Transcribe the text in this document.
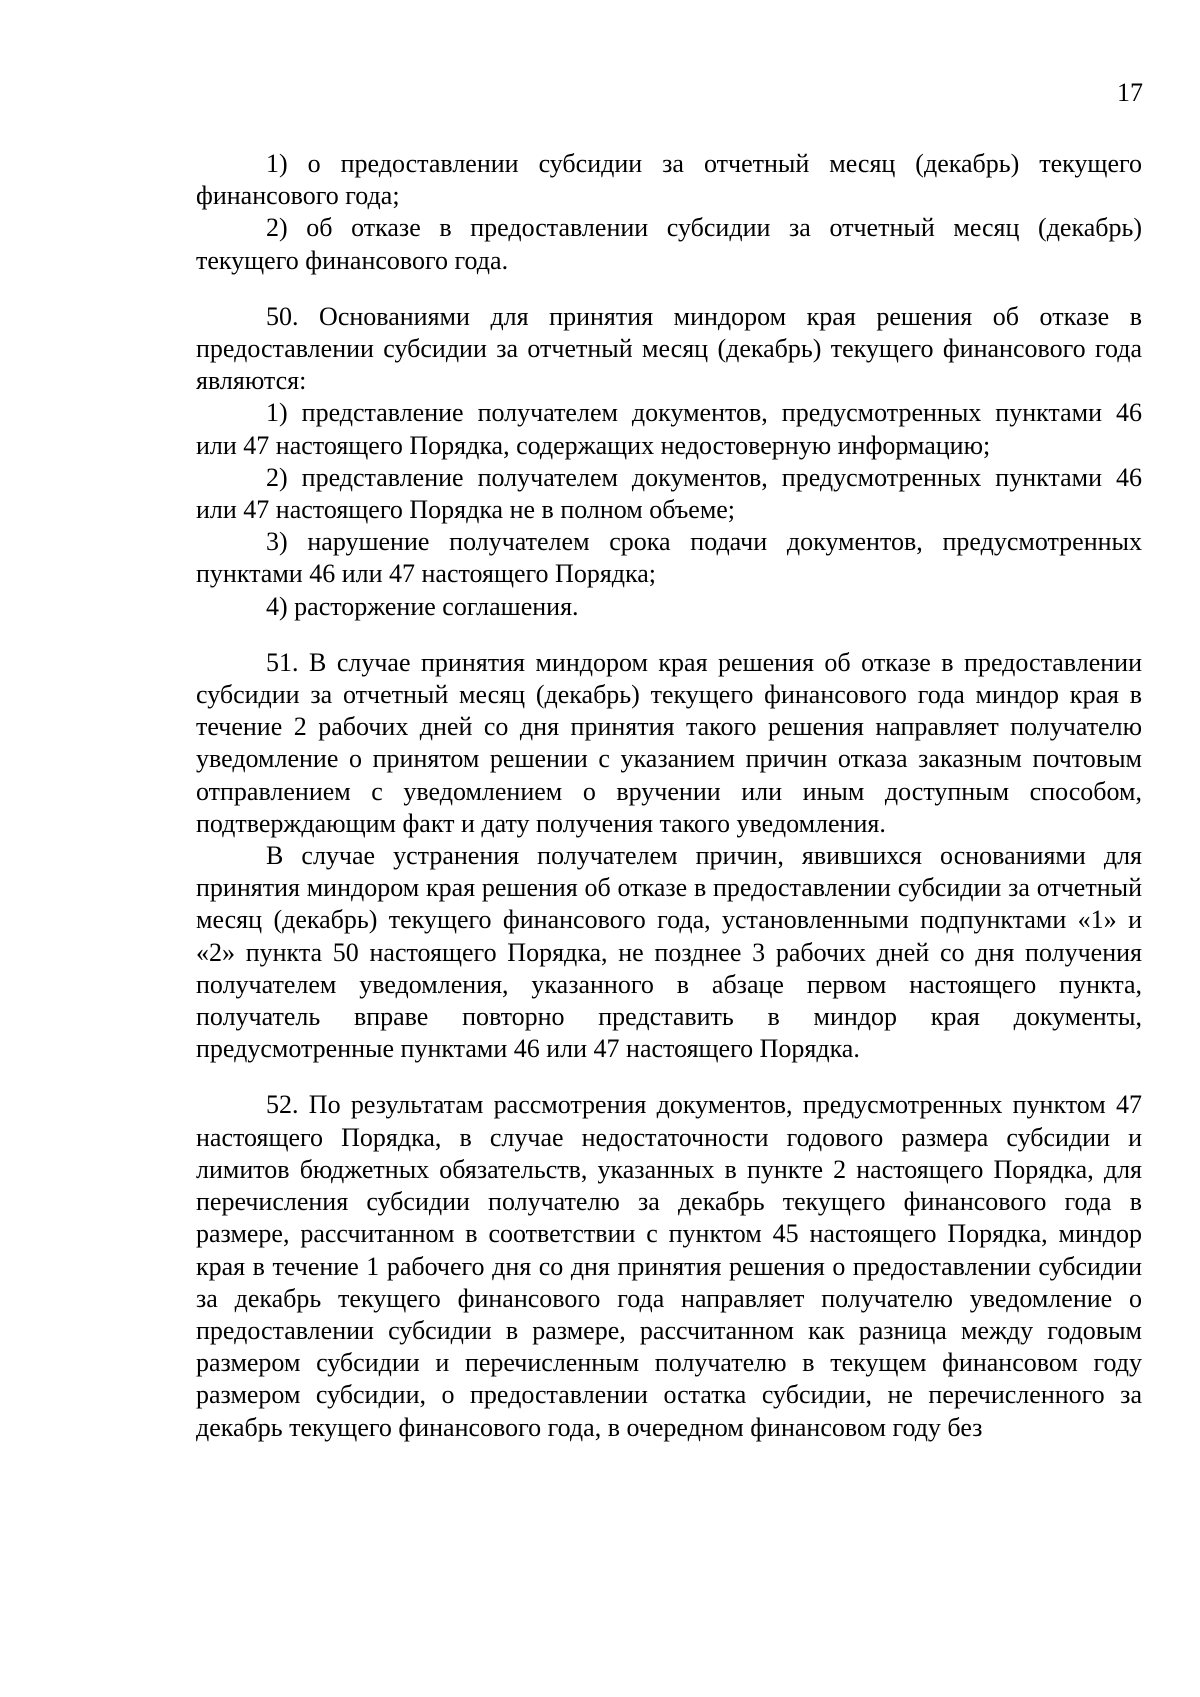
17

1) о предоставлении субсидии за отчетный месяц (декабрь) текущего финансового года;

2) об отказе в предоставлении субсидии за отчетный месяц (декабрь) текущего финансового года.

50. Основаниями для принятия миндором края решения об отказе в предоставлении субсидии за отчетный месяц (декабрь) текущего финансового года являются:

1) представление получателем документов, предусмотренных пунктами 46 или 47 настоящего Порядка, содержащих недостоверную информацию;

2) представление получателем документов, предусмотренных пунктами 46 или 47 настоящего Порядка не в полном объеме;

3) нарушение получателем срока подачи документов, предусмотренных пунктами 46 или 47 настоящего Порядка;

4) расторжение соглашения.

51. В случае принятия миндором края решения об отказе в предоставлении субсидии за отчетный месяц (декабрь) текущего финансового года миндор края в течение 2 рабочих дней со дня принятия такого решения направляет получателю уведомление о принятом решении с указанием причин отказа заказным почтовым отправлением с уведомлением о вручении или иным доступным способом, подтверждающим факт и дату получения такого уведомления.

В случае устранения получателем причин, явившихся основаниями для принятия миндором края решения об отказе в предоставлении субсидии за отчетный месяц (декабрь) текущего финансового года, установленными подпунктами «1» и «2» пункта 50 настоящего Порядка, не позднее 3 рабочих дней со дня получения получателем уведомления, указанного в абзаце первом настоящего пункта, получатель вправе повторно представить в миндор края документы, предусмотренные пунктами 46 или 47 настоящего Порядка.

52. По результатам рассмотрения документов, предусмотренных пунктом 47 настоящего Порядка, в случае недостаточности годового размера субсидии и лимитов бюджетных обязательств, указанных в пункте 2 настоящего Порядка, для перечисления субсидии получателю за декабрь текущего финансового года в размере, рассчитанном в соответствии с пунктом 45 настоящего Порядка, миндор края в течение 1 рабочего дня со дня принятия решения о предоставлении субсидии за декабрь текущего финансового года направляет получателю уведомление о предоставлении субсидии в размере, рассчитанном как разница между годовым размером субсидии и перечисленным получателю в текущем финансовом году размером субсидии, о предоставлении остатка субсидии, не перечисленного за декабрь текущего финансового года, в очередном финансовом году без
